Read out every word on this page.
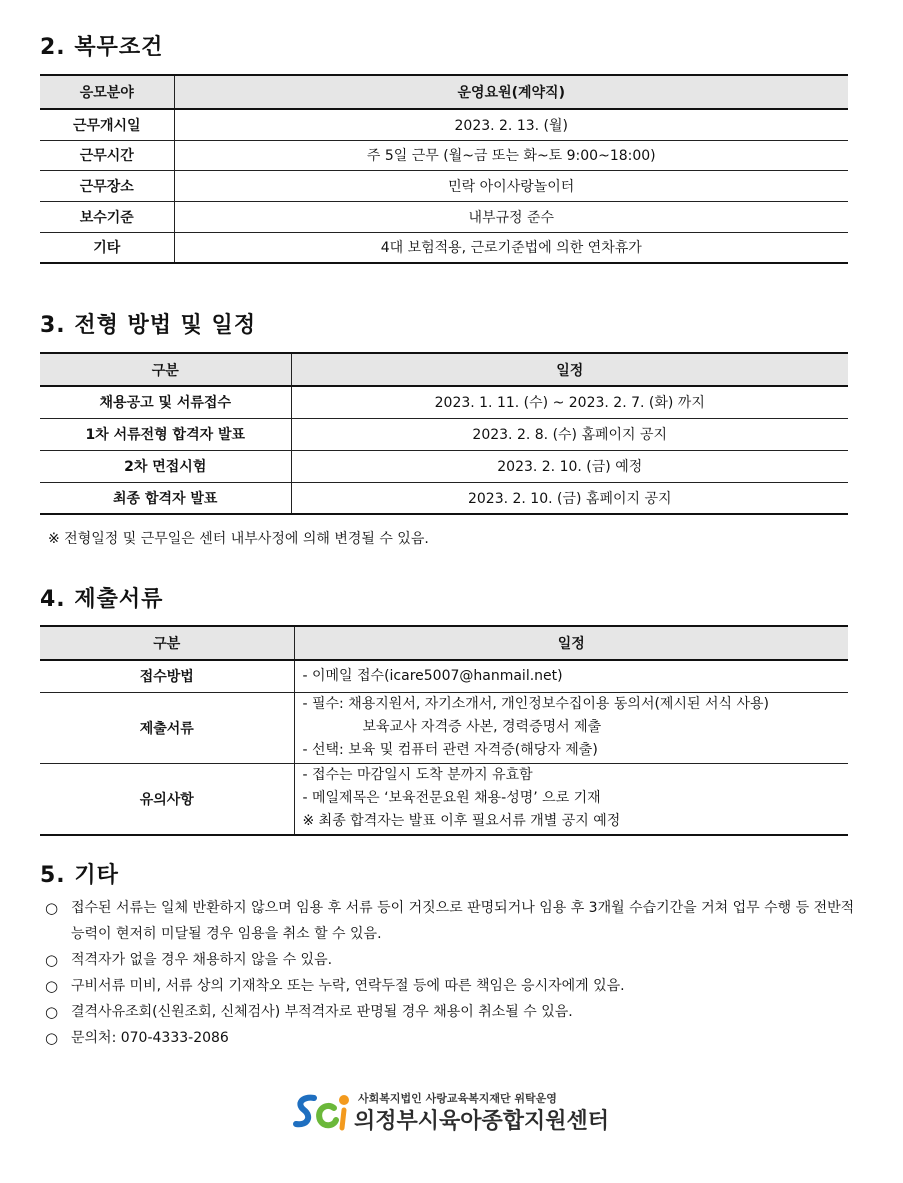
2. 복무조건
응모분야	운영요원(계약직)
근무개시일	2023. 2. 13. (월)
근무시간	주 5일 근무 (월~금 또는 화~토 9:00~18:00)
근무장소	민락 아이사랑놀이터
보수기준	내부규정 준수
기타	4대 보험적용, 근로기준법에 의한 연차휴가
3. 전형 방법 및 일정
구분	일정
채용공고 및 서류접수	2023. 1. 11. (수) ~ 2023. 2. 7. (화) 까지
1차 서류전형 합격자 발표	2023. 2. 8. (수) 홈페이지 공지
2차 면접시험	2023. 2. 10. (금) 예정
최종 합격자 발표	2023. 2. 10. (금) 홈페이지 공지
※ 전형일정 및 근무일은 센터 내부사정에 의해 변경될 수 있음.
4. 제출서류
구분	일정
접수방법	- 이메일 접수(icare5007@hanmail.net)

제출서류	- 필수: 채용지원서, 자기소개서, 개인정보수집이용 동의서(제시된 서식 사용)
보육교사 자격증 사본, 경력증명서 제출
- 선택: 보육 및 컴퓨터 관련 자격증(해당자 제출)

유의사항	- 접수는 마감일시 도착 분까지 유효함
- 메일제목은 ‘보육전문요원 채용-성명’ 으로 기재
※ 최종 합격자는 발표 이후 필요서류 개별 공지 예정
5. 기타
○ 접수된 서류는 일체 반환하지 않으며 임용 후 서류 등이 거짓으로 판명되거나 임용 후 3개월 수습기간을 거쳐 업무 수행 등 전반적 능력이 현저히 미달될 경우 임용을 취소 할 수 있음.
○ 적격자가 없을 경우 채용하지 않을 수 있음.
○ 구비서류 미비, 서류 상의 기재착오 또는 누락, 연락두절 등에 따른 책임은 응시자에게 있음.
○ 결격사유조회(신원조회, 신체검사) 부적격자로 판명될 경우 채용이 취소될 수 있음.
○ 문의처: 070-4333-2086
사회복지법인 사랑교육복지재단 위탁운영
의정부시육아종합지원센터
